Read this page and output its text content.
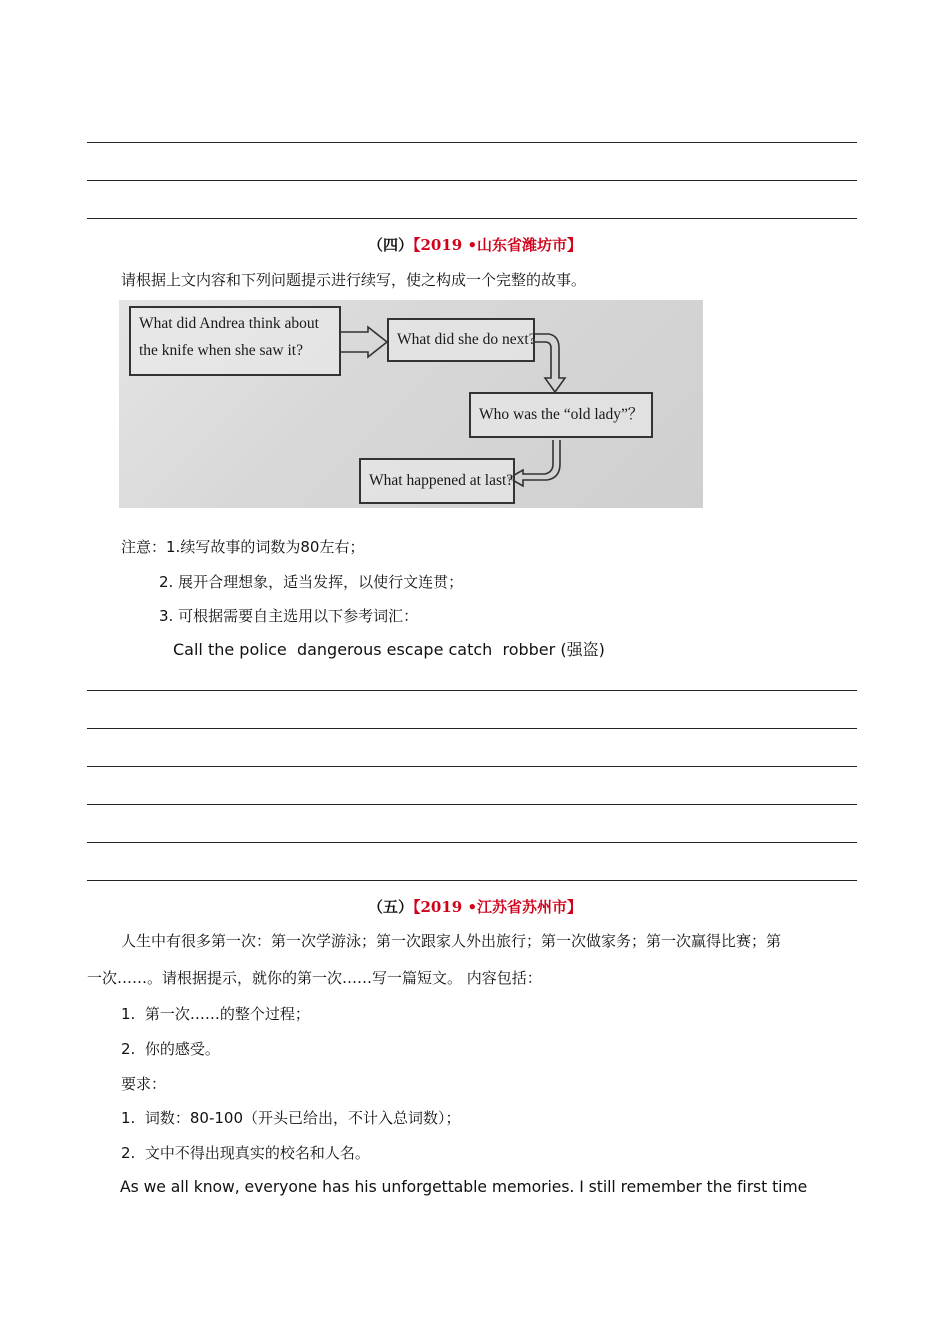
（四）【2019 •山东省潍坊市】
请根据上文内容和下列问题提示进行续写，使之构成一个完整的故事。
What did Andrea think about
the knife when she saw it?
What did she do next?
Who was the “old lady”？
What happened at last?
注意：1.续写故事的词数为80左右；
2. 展开合理想象，适当发挥，以使行文连贯；
3. 可根据需要自主选用以下参考词汇：
Call the police  dangerous escape catch  robber (强盗)
（五）【2019 •江苏省苏州市】
人生中有很多第一次：第一次学游泳；第一次跟家人外出旅行；第一次做家务；第一次赢得比赛；第
一次……。请根据提示，就你的第一次……写一篇短文。 内容包括：
1. 第一次……的整个过程；
2. 你的感受。
要求：
1. 词数：80-100（开头已给出，不计入总词数）；
2. 文中不得出现真实的校名和人名。
As we all know, everyone has his unforgettable memories. I still remember the first time
